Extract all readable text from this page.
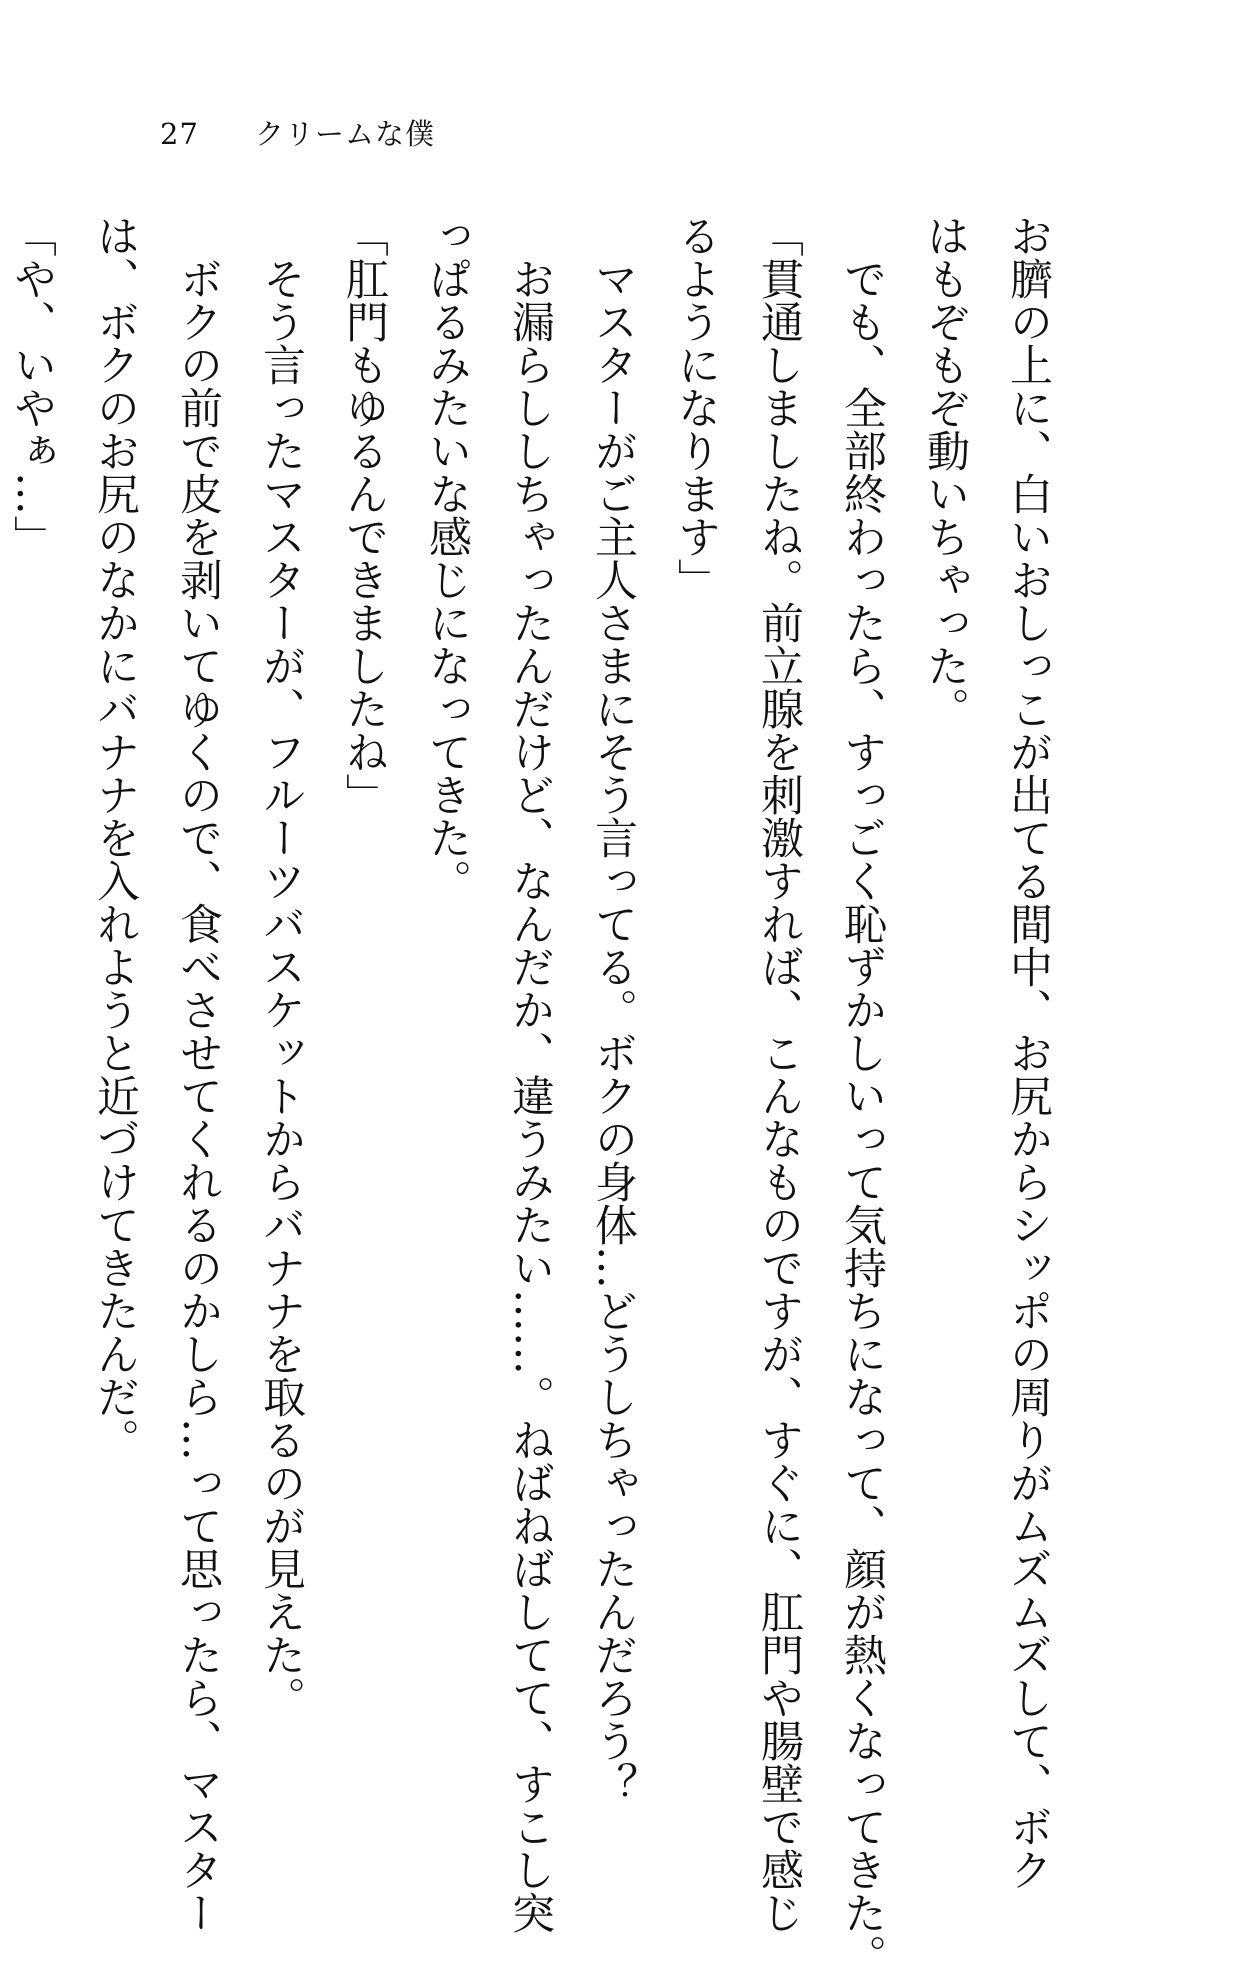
27	クリームな僕
お臍の上に、白いおしっこが出てる間中、お尻からシッポの周りがムズムズして、ボク
はもぞもぞ動いちゃった。
　でも、全部終わったら、すっごく恥ずかしいって気持ちになって、顔が熱くなってきた。
「貫通しましたね。前立腺を刺激すれば、こんなものですが、すぐに、肛門や腸壁で感じ
るようになります」
　マスターがご主人さまにそう言ってる。ボクの身体…どうしちゃったんだろう？
　お漏らししちゃったんだけど、なんだか、違うみたい……。ねばねばしてて、すこし突
っぱるみたいな感じになってきた。
「肛門もゆるんできましたね」
　そう言ったマスターが、フルーツバスケットからバナナを取るのが見えた。
　ボクの前で皮を剥いてゆくので、食べさせてくれるのかしら…って思ったら、マスター
は、ボクのお尻のなかにバナナを入れようと近づけてきたんだ。
「や、いやぁ…」
